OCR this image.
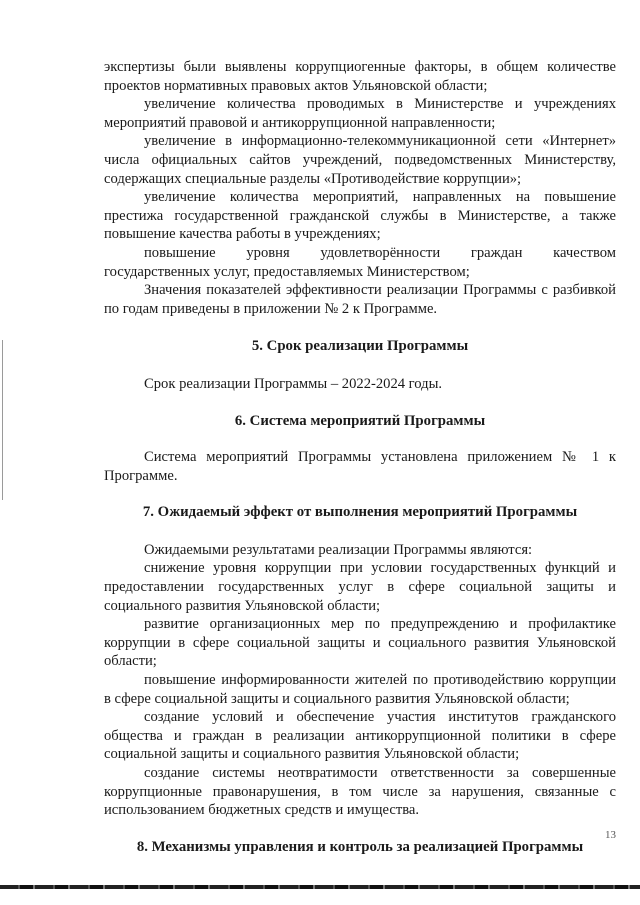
экспертизы были выявлены коррупциогенные факторы, в общем количестве проектов нормативных правовых актов Ульяновской области;

увеличение количества проводимых в Министерстве и учреждениях мероприятий правовой и антикоррупционной направленности;

увеличение в информационно-телекоммуникационной сети «Интернет» числа официальных сайтов учреждений, подведомственных Министерству, содержащих специальные разделы «Противодействие коррупции»;

увеличение количества мероприятий, направленных на повышение престижа государственной гражданской службы в Министерстве, а также повышение качества работы в учреждениях;

повышение уровня удовлетворённости граждан качеством государственных услуг, предоставляемых Министерством;

Значения показателей эффективности реализации Программы с разбивкой по годам приведены в приложении № 2 к Программе.

5. Срок реализации Программы

Срок реализации Программы – 2022-2024 годы.

6. Система мероприятий Программы

Система мероприятий Программы установлена приложением № 1 к Программе.

7. Ожидаемый эффект от выполнения мероприятий Программы

Ожидаемыми результатами реализации Программы являются:

снижение уровня коррупции при условии государственных функций и предоставлении государственных услуг в сфере социальной защиты и социального развития Ульяновской области;

развитие организационных мер по предупреждению и профилактике коррупции в сфере социальной защиты и социального развития Ульяновской области;

повышение информированности жителей по противодействию коррупции в сфере социальной защиты и социального развития Ульяновской области;

создание условий и обеспечение участия институтов гражданского общества и граждан в реализации антикоррупционной политики в сфере социальной защиты и социального развития Ульяновской области;

создание системы неотвратимости ответственности за совершенные коррупционные правонарушения, в том числе за нарушения, связанные с использованием бюджетных средств и имущества.

8. Механизмы управления и контроль за реализацией Программы
13
